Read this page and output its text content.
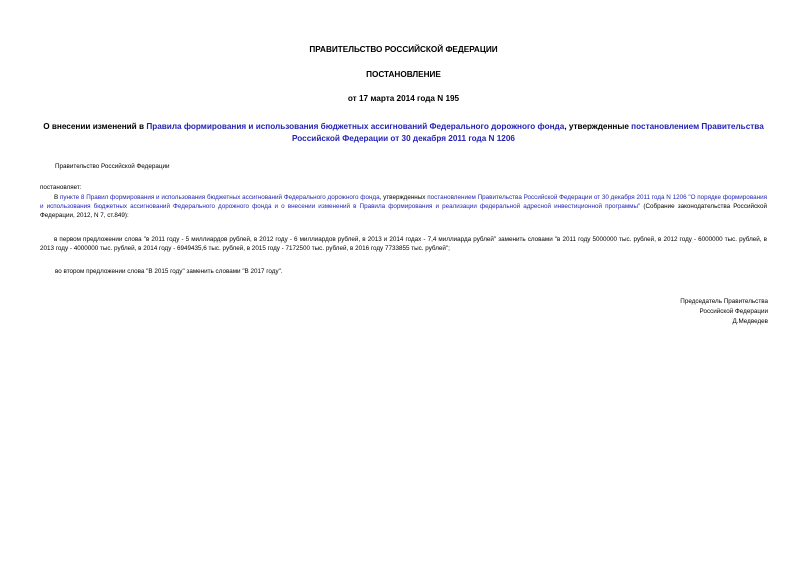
ПРАВИТЕЛЬСТВО РОССИЙСКОЙ ФЕДЕРАЦИИ
ПОСТАНОВЛЕНИЕ
от 17 марта 2014 года N 195
О внесении изменений в Правила формирования и использования бюджетных ассигнований Федерального дорожного фонда, утвержденные постановлением Правительства Российской Федерации от 30 декабря 2011 года N 1206
Правительство Российской Федерации
постановляет:
В пункте 8 Правил формирования и использования бюджетных ассигнований Федерального дорожного фонда, утвержденных постановлением Правительства Российской Федерации от 30 декабря 2011 года N 1206 "О порядке формирования и использования бюджетных ассигнований Федерального дорожного фонда и о внесении изменений в Правила формирования и реализации федеральной адресной инвестиционной программы" (Собрание законодательства Российской Федерации, 2012, N 7, ст.849):
в первом предложении слова "в 2011 году - 5 миллиардов рублей, в 2012 году - 6 миллиардов рублей, в 2013 и 2014 годах - 7,4 миллиарда рублей" заменить словами "в 2011 году 5000000 тыс. рублей, в 2012 году - 6000000 тыс. рублей, в 2013 году - 4000000 тыс. рублей, в 2014 году - 6949435,6 тыс. рублей, в 2015 году - 7172500 тыс. рублей, в 2016 году 7733855 тыс. рублей";
во втором предложении слова "В 2015 году" заменить словами "В 2017 году".
Председатель Правительства
Российской Федерации
Д.Медведев
